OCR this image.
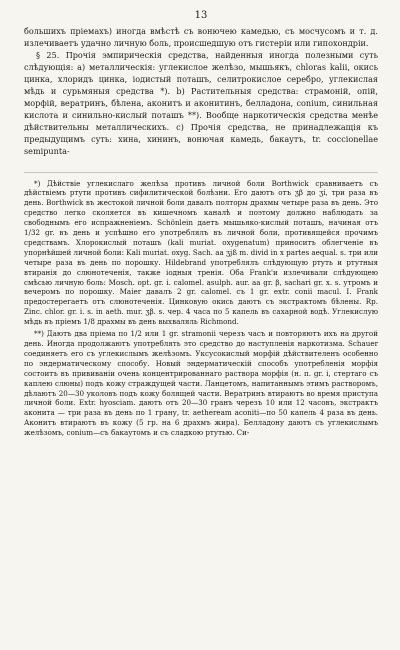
13

большихъ пріемахъ) иногда вмѣстѣ съ вонючею камедью, съ мосчусомъ и т. д. излечиваетъ удачно личную боль, происшедшую отъ гистеріи или гипохондріи.

§ 25. Прочія эмпирическія средства, найденныя иногда полезными суть слѣдующія: а) металлическія: углекислое желѣзо, мышьякъ, chloras kalii, окись цинка, хлоридъ цинка, іодистый поташъ, селитрокислое серебро, углекислая мѣдь и сурьмяныя средства *). b) Растительныя средства: страмоній, опій, морфій, вератринъ, бѣлена, аконитъ и аконитинъ, белладона, conium, синильная кислота и синильно-кислый поташъ **). Вообще наркотическія средства менѣе дѣйствительны металлическихъ. с) Прочія средства, не принадлежащія къ предыдущимъ суть: хина, хининъ, вонючая камедь, бакаутъ, tr. coccionellae semipunta-

*) Дѣйствіе углекислаго желѣза противъ личной боли Borthwick сравниваетъ съ дѣйствіемъ ртути противъ сифилитической болѣзни. Его даютъ отъ ʒβ до ʒi, три раза въ день. Borthwick въ жестокой личной боли давалъ полторы драхмы четыре раза въ день. Это средство легко сколяется въ кишечномъ каналѣ и поэтому должно наблюдать за свободнымъ его испражненіемъ. Schönlein даетъ мышьяко-кислый поташъ, начиная отъ 1/32 gr. въ день и успѣшно его употреблялъ въ личной боли, противящейся прочимъ средствамъ. Хлорокислый поташъ (kali muriat. oxygenatum) приноситъ облегченіе въ упорнѣйшей личной боли: Kali muriat. oxyg. Sach. aa ʒjß m. divid in x partes aequal. s. три или четыре раза въ день по порошку. Hildebrand употреблялъ слѣдующую ртуть и ртутныя втиранія до слюнотеченія, также іодныя тренія. Оба Frank'и излечивали слѣдующею смѣсью личную боль: Mosch. opt. gr. i. calomel. asulph. aur. aa gr. β, sachari gr. x. s. утромъ и вечеромъ по порошку. Maier давалъ 2 gr. calomel. съ 1 gr. extr. conii maсul. I. Frank предостерегаетъ отъ слюнотеченія. Цинковую окись даютъ съ экстрактомъ бѣлены. Rp. Zinc. chlor. gr. i. s. in aeth. mur. ʒβ. s. чер. 4 часа по 5 капель въ сахарной водѣ. Углекислую мѣдь въ пріемъ 1/8 драхмы въ день выхваляль Richmond.

**) Даютъ два пріема по 1/2 или 1 gr. stramonii черезъ часъ и повторяютъ ихъ на другой день. Иногда продолжаютъ употреблять это средство до наступленія наркотизма. Schauer соединяетъ его съ углекислымъ желѣзомъ. Уксусокислый морфій дѣйствителенъ особенно по эндерматическому способу. Новый эндерматическій способъ употребленія морфія состоитъ въ прививаніи очень концентрированнаго раствора морфія (н. п. gr. i, стертаго съ каплею слюны) подъ кожу страждущей части. Ланцетомъ, напитаннымъ этимъ растворомъ, дѣлаютъ 20—30 уколовъ подъ кожу болящей части. Вератринъ втираютъ во время приступа личной боли. Extr. hyoscіam. даютъ отъ 20—30 гранъ черезъ 10 или 12 часовъ, экстрактъ аконита — три раза въ день по 1 грану, tr. aetheream aconiti—по 50 капель 4 раза въ день. Аконитъ втираютъ въ кожу (5 гр. на 6 драхмъ жира). Белладону даютъ съ углекислымъ желѣзомъ, conium—съ бакаутомъ и съ сладкою ртутью. Си-
